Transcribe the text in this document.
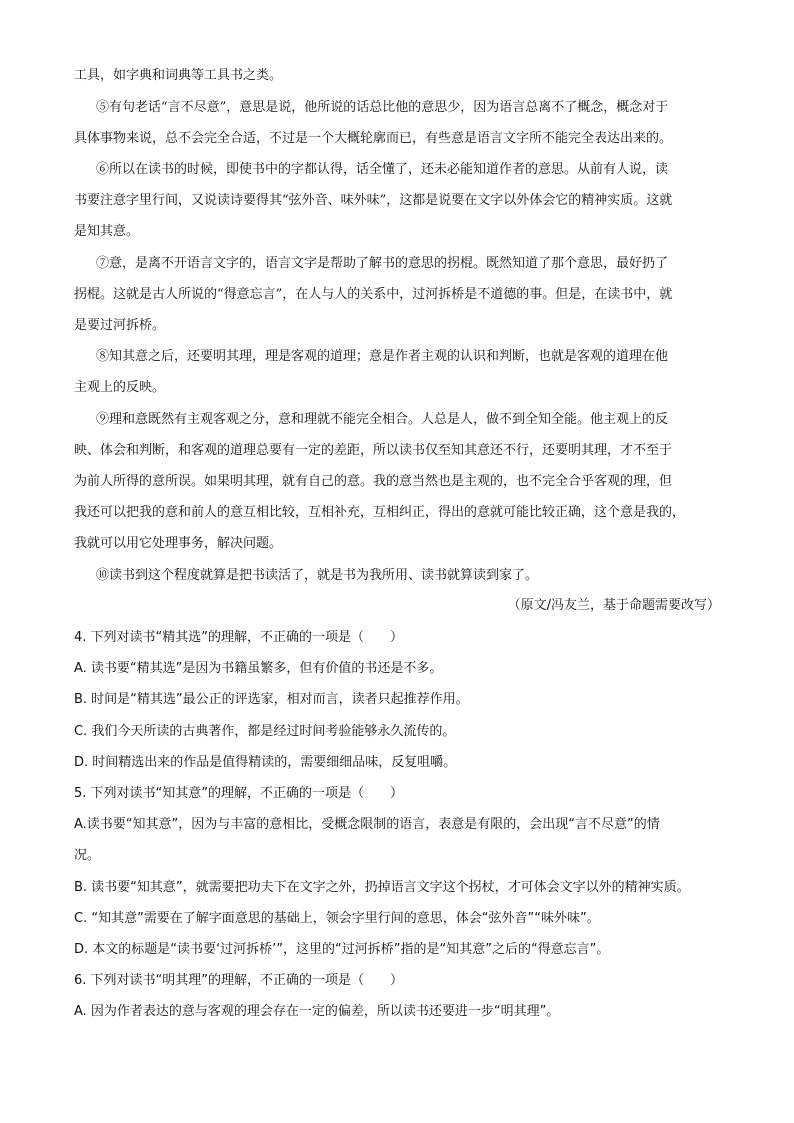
工具，如字典和词典等工具书之类。
⑤有句老话“言不尽意”，意思是说，他所说的话总比他的意思少，因为语言总离不了概念，概念对于
具体事物来说，总不会完全合适，不过是一个大概轮廓而已，有些意是语言文字所不能完全表达出来的。
⑥所以在读书的时候，即使书中的字都认得，话全懂了，还未必能知道作者的意思。从前有人说，读
书要注意字里行间，又说读诗要得其“弦外音、味外味”，这都是说要在文字以外体会它的精神实质。这就
是知其意。
⑦意，是离不开语言文字的，语言文字是帮助了解书的意思的拐棍。既然知道了那个意思，最好扔了
拐棍。这就是古人所说的“得意忘言”，在人与人的关系中，过河拆桥是不道德的事。但是，在读书中，就
是要过河拆桥。
⑧知其意之后，还要明其理，理是客观的道理；意是作者主观的认识和判断，也就是客观的道理在他
主观上的反映。
⑨理和意既然有主观客观之分，意和理就不能完全相合。人总是人，做不到全知全能。他主观上的反
映、体会和判断，和客观的道理总要有一定的差距，所以读书仅至知其意还不行，还要明其理，才不至于
为前人所得的意所误。如果明其理，就有自己的意。我的意当然也是主观的，也不完全合乎客观的理，但
我还可以把我的意和前人的意互相比较，互相补充，互相纠正，得出的意就可能比较正确，这个意是我的，
我就可以用它处理事务，解决问题。
⑩读书到这个程度就算是把书读活了，就是书为我所用、读书就算读到家了。
（原文/冯友兰，基于命题需要改写）
4. 下列对读书“精其选”的理解，不正确的一项是（　　）
A. 读书要“精其选”是因为书籍虽繁多，但有价值的书还是不多。
B. 时间是“精其选”最公正的评选家，相对而言，读者只起推荐作用。
C. 我们今天所读的古典著作，都是经过时间考验能够永久流传的。
D. 时间精选出来的作品是值得精读的，需要细细品味，反复咀嚼。
5. 下列对读书“知其意”的理解，不正确的一项是（　　）
A.读书要“知其意”，因为与丰富的意相比，受概念限制的语言，表意是有限的，会出现“言不尽意”的情
况。
B. 读书要“知其意”，就需要把功夫下在文字之外，扔掉语言文字这个拐杖，才可体会文字以外的精神实质。
C. “知其意”需要在了解字面意思的基础上，领会字里行间的意思，体会“弦外音”“味外味”。
D. 本文的标题是“读书要‘过河拆桥’”，这里的“过河拆桥”指的是“知其意”之后的“得意忘言”。
6. 下列对读书“明其理”的理解，不正确的一项是（　　）
A. 因为作者表达的意与客观的理会存在一定的偏差，所以读书还要进一步“明其理”。
